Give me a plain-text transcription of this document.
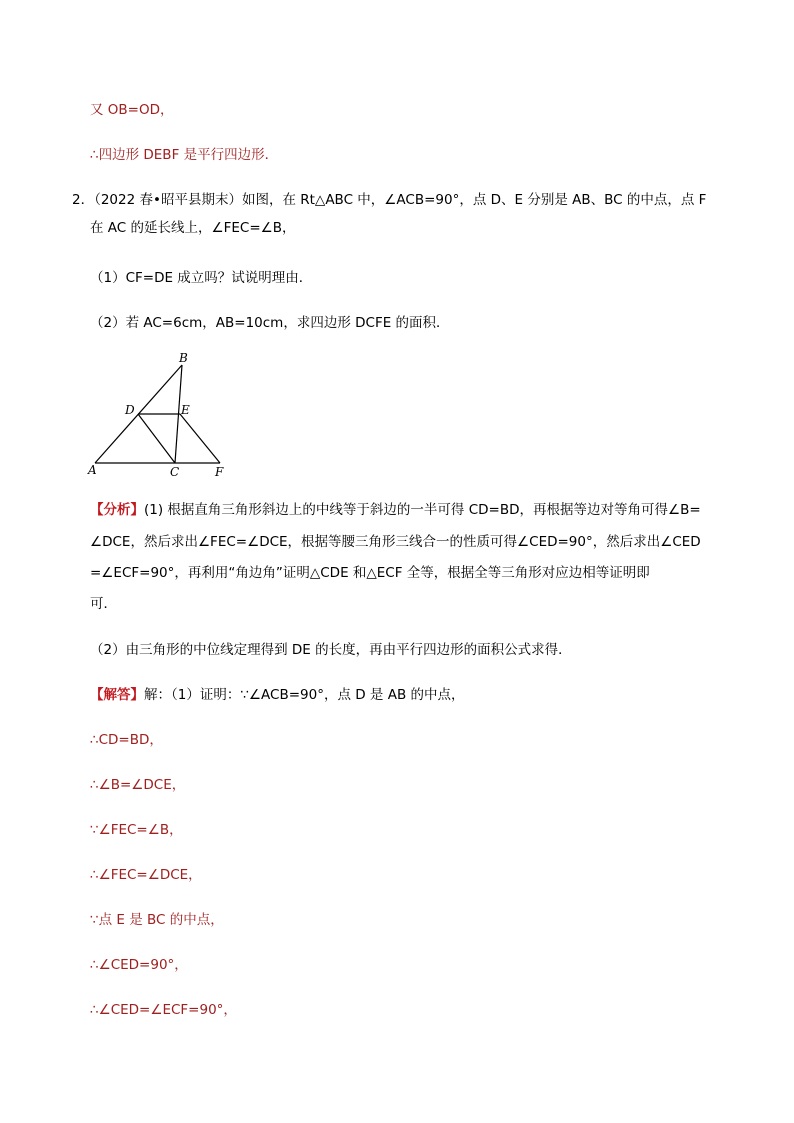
又 OB=OD，
∴四边形 DEBF 是平行四边形．
2．（2022 春•昭平县期末）如图，在 Rt△ABC 中，∠ACB=90°，点 D、E 分别是 AB、BC 的中点，点 F
在 AC 的延长线上，∠FEC=∠B，
（1）CF=DE 成立吗？试说明理由．
（2）若 AC=6cm，AB=10cm，求四边形 DCFE 的面积．
B
D	E
A	C	F
【分析】(1) 根据直角三角形斜边上的中线等于斜边的一半可得 CD=BD，再根据等边对等角可得∠B=
∠DCE，然后求出∠FEC=∠DCE，根据等腰三角形三线合一的性质可得∠CED=90°，然后求出∠CED
=∠ECF=90°，再利用“角边角”证明△CDE 和△ECF 全等，根据全等三角形对应边相等证明即
可．
（2）由三角形的中位线定理得到 DE 的长度，再由平行四边形的面积公式求得．
【解答】解：（1）证明：∵∠ACB=90°，点 D 是 AB 的中点，
∴CD=BD，
∴∠B=∠DCE，
∵∠FEC=∠B，
∴∠FEC=∠DCE，
∵点 E 是 BC 的中点，
∴∠CED=90°，
∴∠CED=∠ECF=90°，
